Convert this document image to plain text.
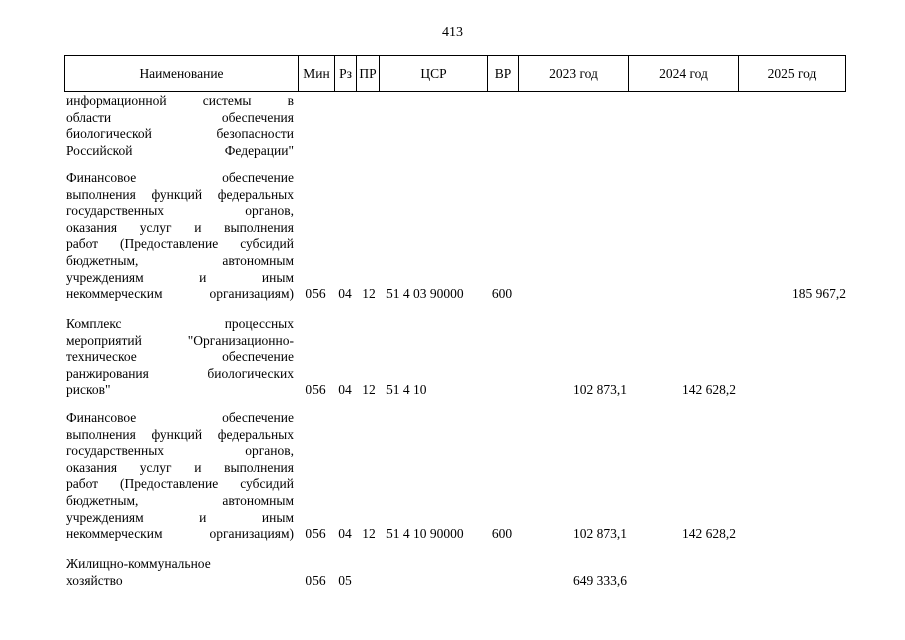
413
Наименование	Мин Рз ПР	ЦСР	ВР	2023 год	2024 год	2025 год
информационной системы в
области обеспечения
биологической безопасности
Российской Федерации"
Финансовое обеспечение
выполнения функций федеральных
государственных органов,
оказания услуг и выполнения
работ (Предоставление субсидий
бюджетным, автономным
учреждениям и иным
некоммерческим организациям) 056 04 12 51 4 03 90000	600	185 967,2
Комплекс процессных
мероприятий "Организационно-
техническое обеспечение
ранжирования биологических
рисков"	056 04 12 51 4 10	102 873,1	142 628,2
Финансовое обеспечение
выполнения функций федеральных
государственных органов,
оказания услуг и выполнения
работ (Предоставление субсидий
бюджетным, автономным
учреждениям и иным
некоммерческим организациям) 056 04 12 51 4 10 90000	600	102 873,1	142 628,2
Жилищно-коммунальное
хозяйство	056 05	649 333,6
